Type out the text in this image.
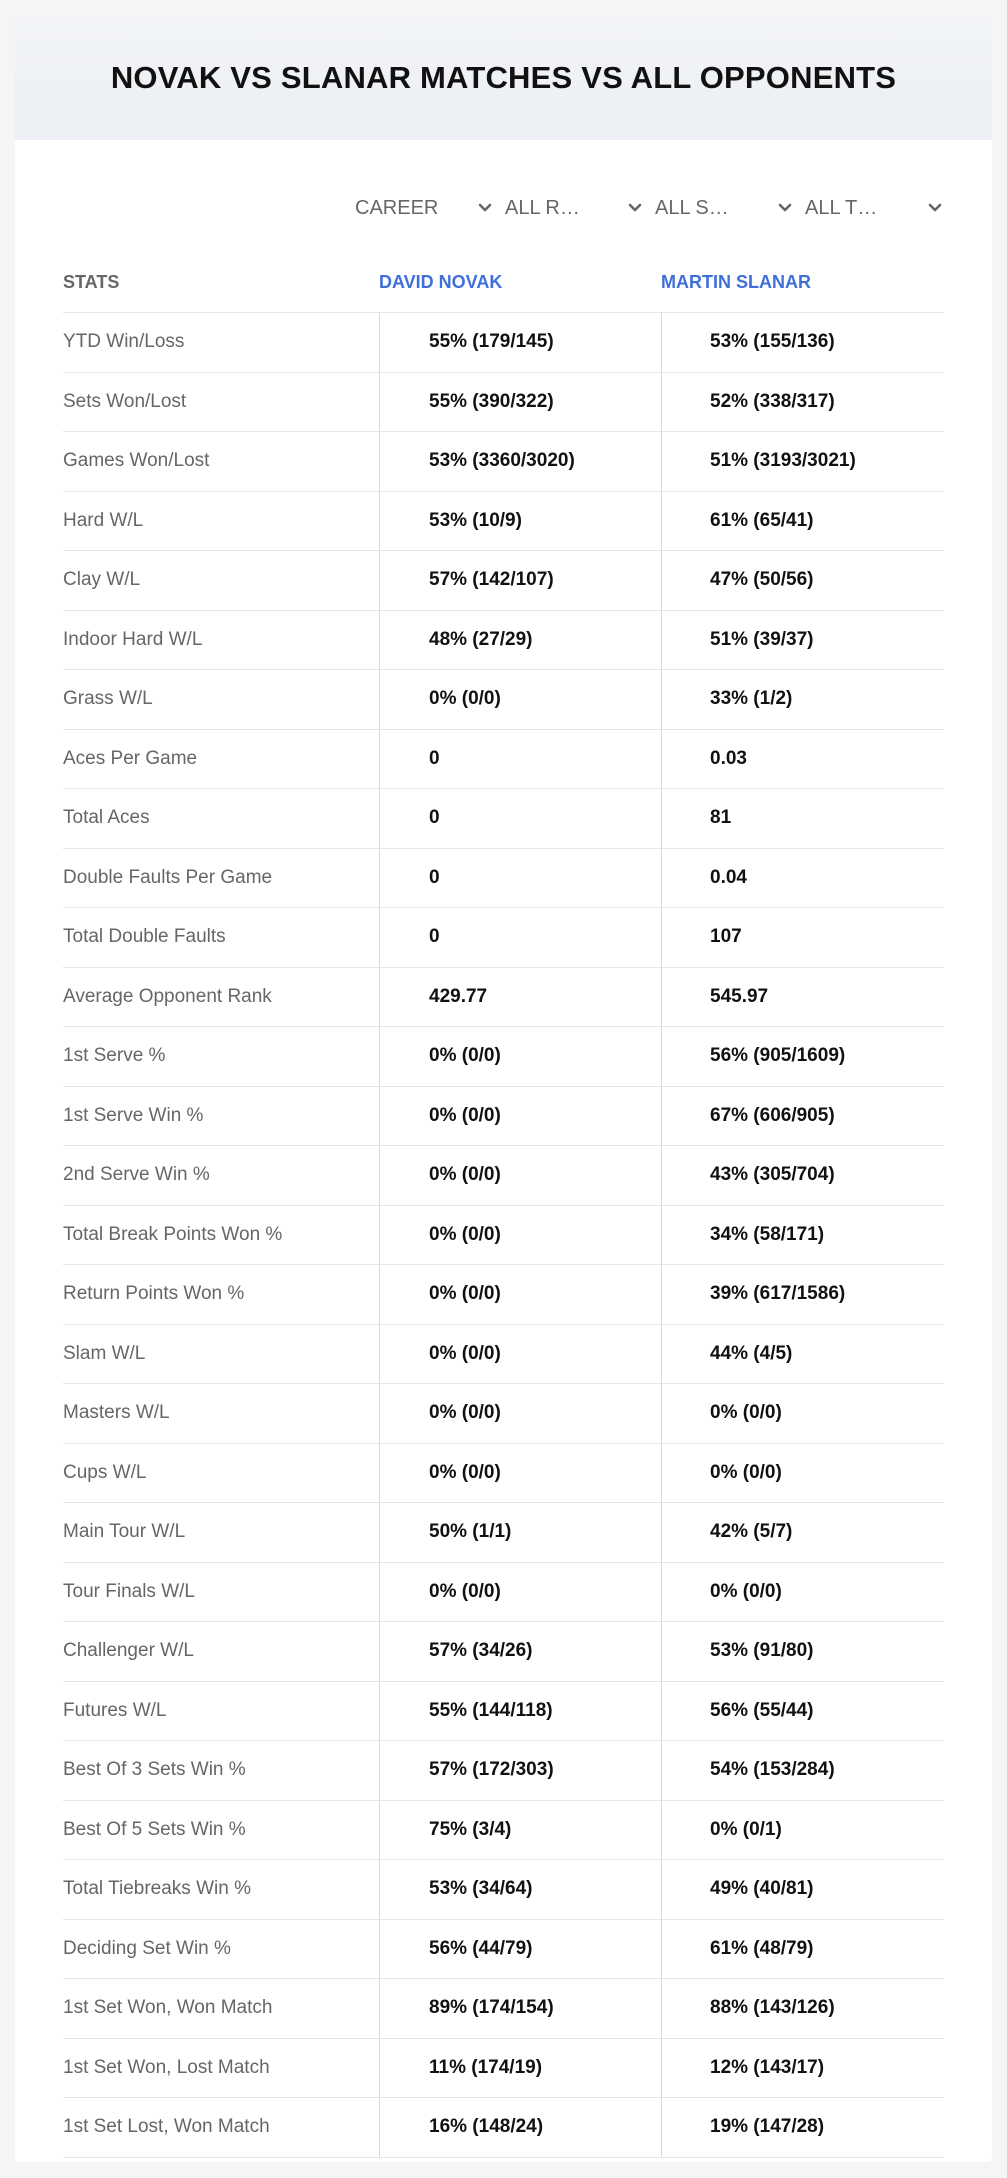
NOVAK VS SLANAR MATCHES VS ALL OPPONENTS
CAREER	ALL R…	ALL S…	ALL T…
STATS	DAVID NOVAK	MARTIN SLANAR
YTD Win/Loss	55% (179/145)	53% (155/136)
Sets Won/Lost	55% (390/322)	52% (338/317)
Games Won/Lost	53% (3360/3020)	51% (3193/3021)
Hard W/L	53% (10/9)	61% (65/41)
Clay W/L	57% (142/107)	47% (50/56)
Indoor Hard W/L	48% (27/29)	51% (39/37)
Grass W/L	0% (0/0)	33% (1/2)
Aces Per Game	0	0.03
Total Aces	0	81
Double Faults Per Game	0	0.04
Total Double Faults	0	107
Average Opponent Rank	429.77	545.97
1st Serve %	0% (0/0)	56% (905/1609)
1st Serve Win %	0% (0/0)	67% (606/905)
2nd Serve Win %	0% (0/0)	43% (305/704)
Total Break Points Won %	0% (0/0)	34% (58/171)
Return Points Won %	0% (0/0)	39% (617/1586)
Slam W/L	0% (0/0)	44% (4/5)
Masters W/L	0% (0/0)	0% (0/0)
Cups W/L	0% (0/0)	0% (0/0)
Main Tour W/L	50% (1/1)	42% (5/7)
Tour Finals W/L	0% (0/0)	0% (0/0)
Challenger W/L	57% (34/26)	53% (91/80)
Futures W/L	55% (144/118)	56% (55/44)
Best Of 3 Sets Win %	57% (172/303)	54% (153/284)
Best Of 5 Sets Win %	75% (3/4)	0% (0/1)
Total Tiebreaks Win %	53% (34/64)	49% (40/81)
Deciding Set Win %	56% (44/79)	61% (48/79)
1st Set Won, Won Match	89% (174/154)	88% (143/126)
1st Set Won, Lost Match	11% (174/19)	12% (143/17)
1st Set Lost, Won Match	16% (148/24)	19% (147/28)
